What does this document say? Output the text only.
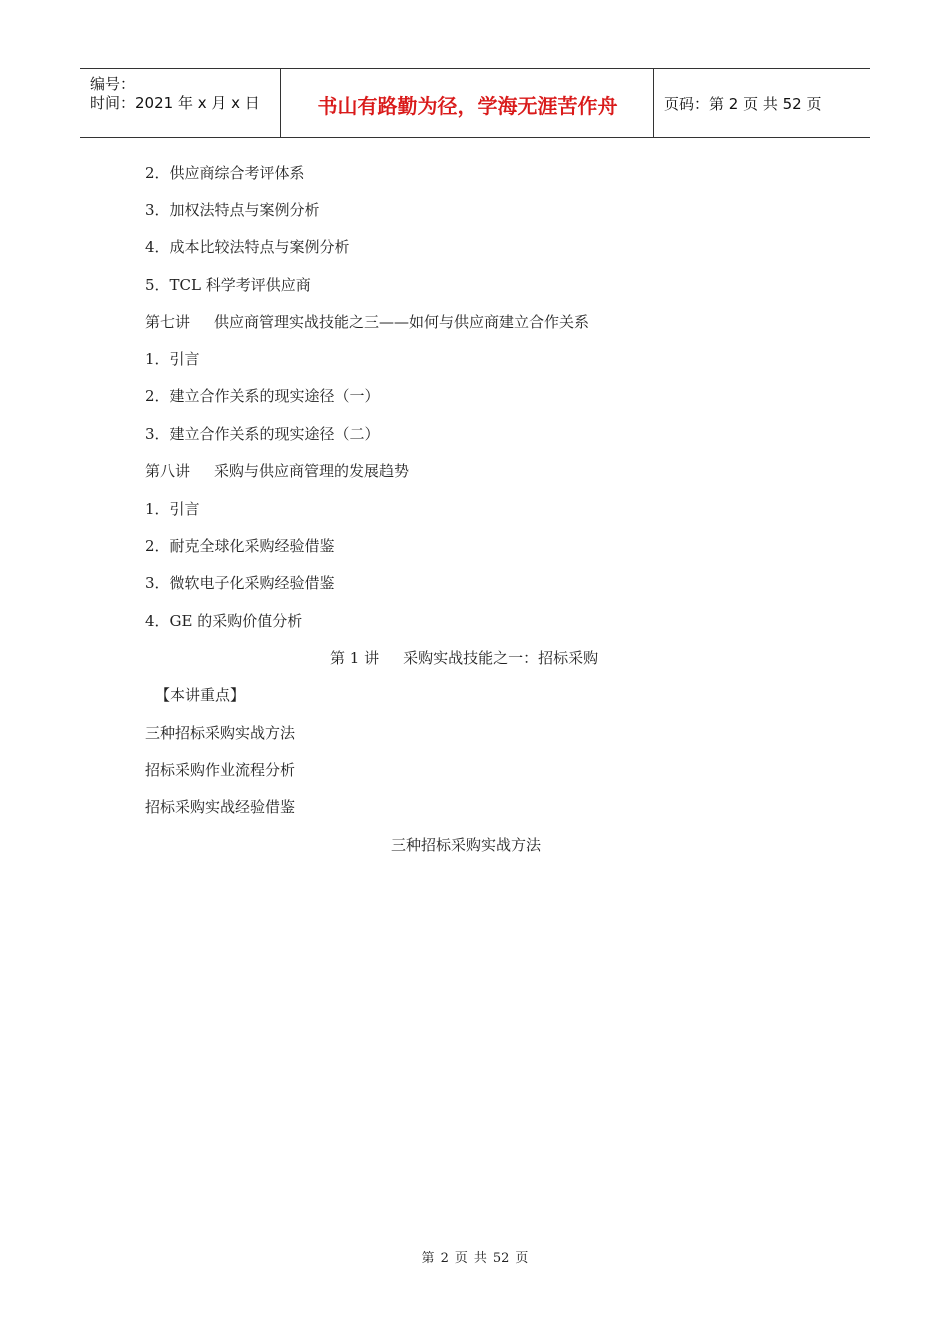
编号：
时间：2021 年 x 月 x 日	书山有路勤为径，学海无涯苦作舟	页码：第 2 页 共 52 页
2．供应商综合考评体系
3．加权法特点与案例分析
4．成本比较法特点与案例分析
5．TCL 科学考评供应商
第七讲 供应商管理实战技能之三——如何与供应商建立合作关系
1．引言
2．建立合作关系的现实途径（一）
3．建立合作关系的现实途径（二）
第八讲 采购与供应商管理的发展趋势
1．引言
2．耐克全球化采购经验借鉴
3．微软电子化采购经验借鉴
4．GE 的采购价值分析
第 1 讲 采购实战技能之一：招标采购
【本讲重点】
三种招标采购实战方法
招标采购作业流程分析
招标采购实战经验借鉴
三种招标采购实战方法
第 2 页 共 52 页
